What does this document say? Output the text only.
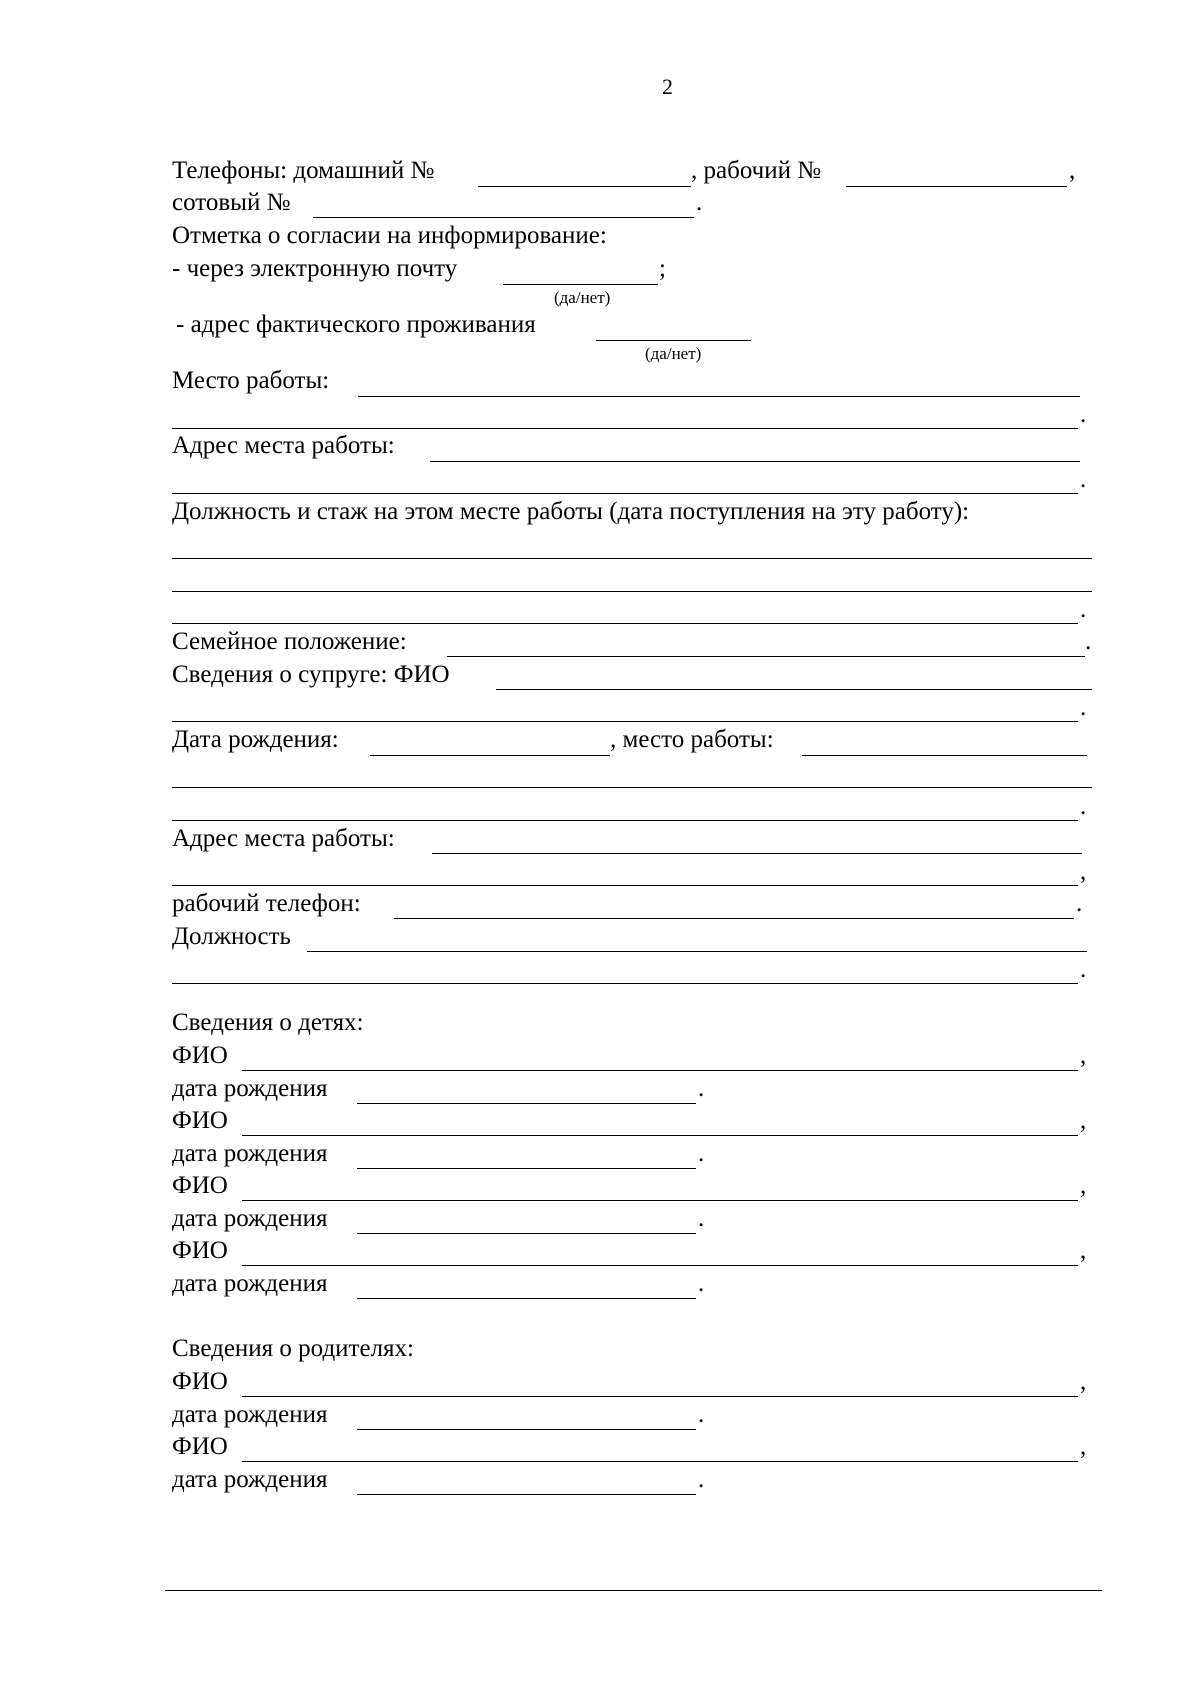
2
Телефоны: домашний №	, рабочий №	,
сотовый №	.
Отметка о согласии на информирование:
- через электронную почту	;
(да/нет)
- адрес фактического проживания
(да/нет)
Место работы:
.
Адрес места работы:
.
Должность и стаж на этом месте работы (дата поступления на эту работу):
.
Семейное положение:	.
Сведения о супруге: ФИО
.
Дата рождения:	, место работы:
.
Адрес места работы:
,
рабочий телефон:	.
Должность
.
Сведения о детях:
ФИО	,
дата рождения	.
ФИО	,
дата рождения	.
ФИО	,
дата рождения	.
ФИО	,
дата рождения	.
Сведения о родителях:
ФИО	,
дата рождения	.
ФИО	,
дата рождения	.
